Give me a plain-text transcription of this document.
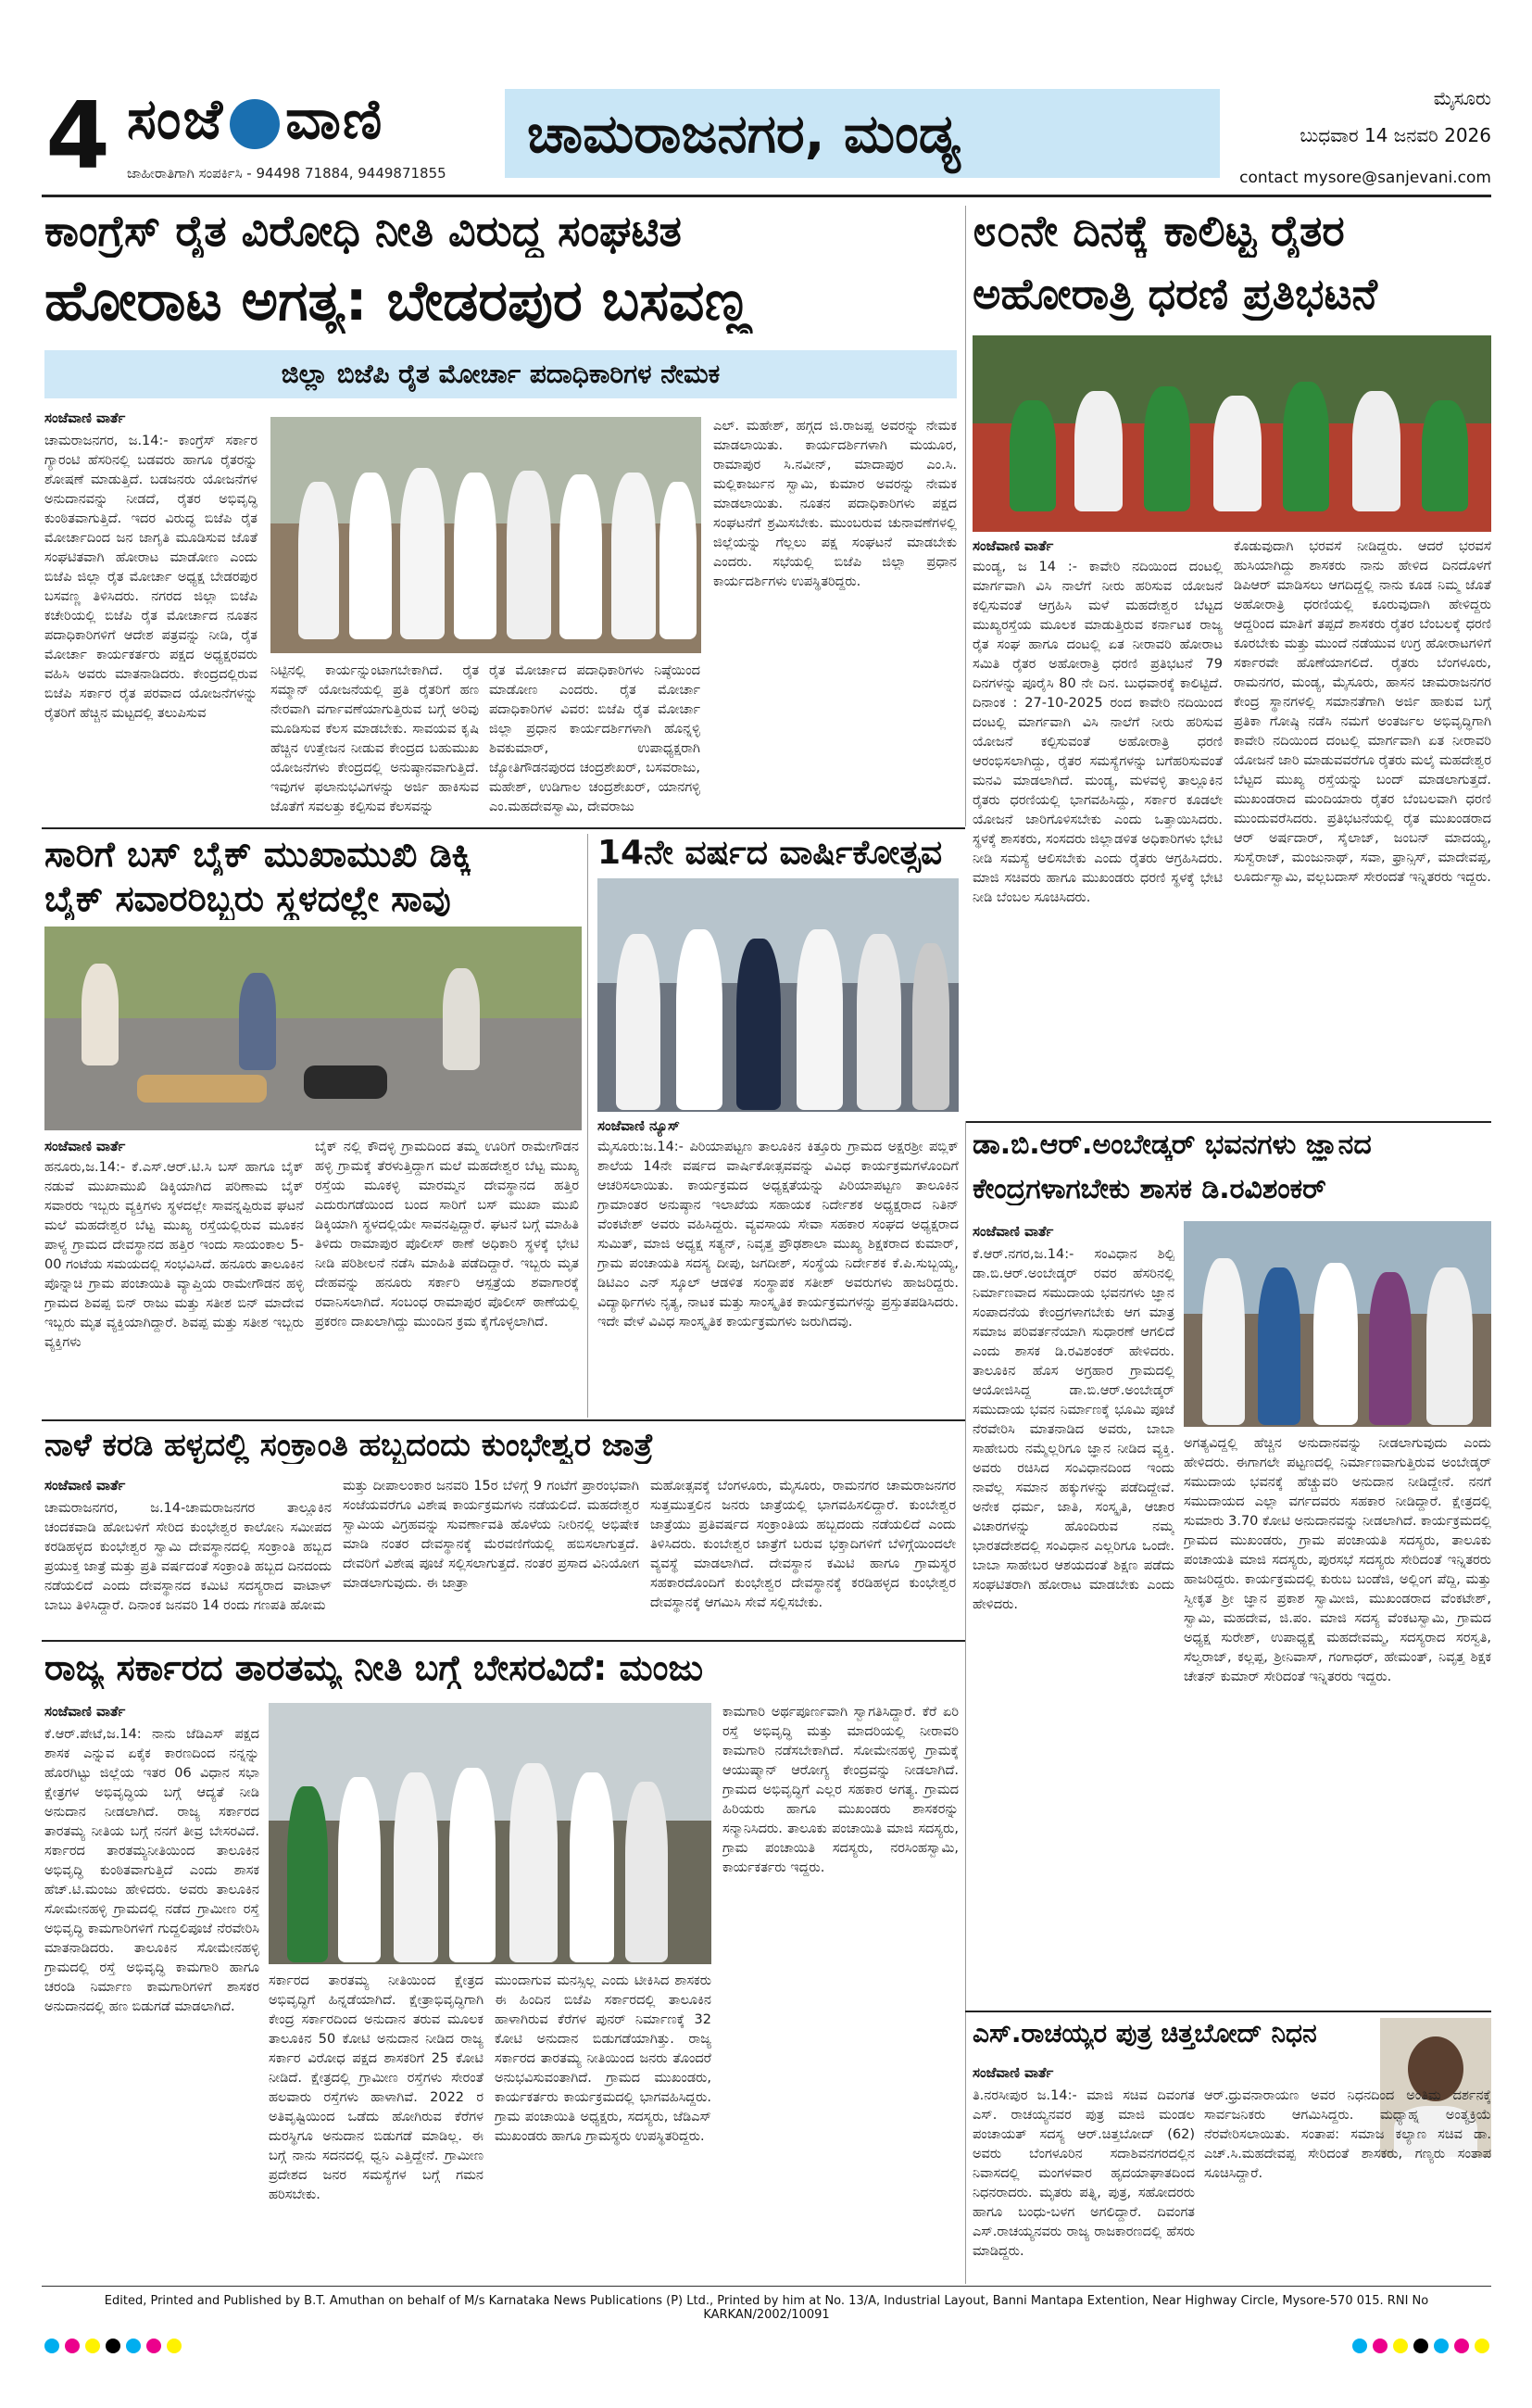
4 ಸಂಜೆ ವಾಣಿ
ಜಾಹೀರಾತಿಗಾಗಿ ಸಂಪರ್ಕಿಸಿ - 94498 71884, 9449871855
ಚಾಮರಾಜನಗರ, ಮಂಡ್ಯ
ಮೈಸೂರು
ಬುಧವಾರ 14 ಜನವರಿ 2026
contact mysore@sanjevani.com
ಕಾಂಗ್ರೆಸ್ ರೈತ ವಿರೋಧಿ ನೀತಿ ವಿರುದ್ಧ ಸಂಘಟಿತ
ಹೋರಾಟ ಅಗತ್ಯ: ಬೇಡರಪುರ ಬಸವಣ್ಣ
ಜಿಲ್ಲಾ ಬಿಜೆಪಿ ರೈತ ಮೋರ್ಚಾ ಪದಾಧಿಕಾರಿಗಳ ನೇಮಕ
ಸಂಜೆವಾಣಿ ವಾರ್ತೆ
ಚಾಮರಾಜನಗರ, ಜ.14:- ಕಾಂಗ್ರೆಸ್ ಸರ್ಕಾರ ಗ್ಯಾರಂಟಿ ಹೆಸರಿನಲ್ಲಿ ಬಡವರು ಹಾಗೂ ರೈತರನ್ನು ಶೋಷಣೆ ಮಾಡುತ್ತಿದೆ. ಬಡಜನರು ಯೋಜನೆಗಳ ಅನುದಾನವನ್ನು ನೀಡದೆ, ರೈತರ ಅಭಿವೃದ್ಧಿ ಕುಂಠಿತವಾಗುತ್ತಿದೆ. ಇದರ ವಿರುದ್ಧ ಬಿಜೆಪಿ ರೈತ ಮೋರ್ಚಾದಿಂದ ಜನ ಜಾಗೃತಿ ಮೂಡಿಸುವ ಜೊತೆ ಸಂಘಟಿತವಾಗಿ ಹೋರಾಟ ಮಾಡೋಣ ಎಂದು ಬಿಜೆಪಿ ಜಿಲ್ಲಾ ರೈತ ಮೋರ್ಚಾ ಅಧ್ಯಕ್ಷ ಬೇಡರಪುರ ಬಸವಣ್ಣ ತಿಳಿಸಿದರು. ನಗರದ ಜಿಲ್ಲಾ ಬಿಜೆಪಿ ಕಚೇರಿಯಲ್ಲಿ ಬಿಜೆಪಿ ರೈತ ಮೋರ್ಚಾದ ನೂತನ ಪದಾಧಿಕಾರಿಗಳಿಗೆ ಆದೇಶ ಪತ್ರವನ್ನು ನೀಡಿ, ರೈತ ಮೋರ್ಚಾ ಕಾರ್ಯಕರ್ತರು ಪಕ್ಷದ ಅಧ್ಯಕ್ಷರವರು ವಹಿಸಿ ಅವರು ಮಾತನಾಡಿದರು. ಕೇಂದ್ರದಲ್ಲಿರುವ ಬಿಜೆಪಿ ಸರ್ಕಾರ ರೈತ ಪರವಾದ ಯೋಜನೆಗಳನ್ನು ರೈತರಿಗೆ ಹೆಚ್ಚಿನ ಮಟ್ಟದಲ್ಲಿ ತಲುಪಿಸುವ
ನಿಟ್ಟಿನಲ್ಲಿ ಕಾರ್ಯನ್ನುಂಟಾಗಬೇಕಾಗಿದೆ. ರೈತ ಸಮ್ಮಾನ್ ಯೋಜನೆಯಲ್ಲಿ ಪ್ರತಿ ರೈತರಿಗೆ ಹಣ ನೇರವಾಗಿ ವರ್ಗಾವಣೆಯಾಗುತ್ತಿರುವ ಬಗ್ಗೆ ಅರಿವು ಮೂಡಿಸುವ ಕೆಲಸ ಮಾಡಬೇಕು. ಸಾವಯವ ಕೃಷಿ ಹೆಚ್ಚಿನ ಉತ್ತೇಜನ ನೀಡುವ ಕೇಂದ್ರದ ಬಹುಮುಖ ಯೋಜನೆಗಳು ಕೇಂದ್ರದಲ್ಲಿ ಅನುಷ್ಠಾನವಾಗುತ್ತಿದೆ. ಇವುಗಳ ಫಲಾನುಭವಿಗಳನ್ನು ಅರ್ಜಿ ಹಾಕಿಸುವ ಜೊತೆಗೆ ಸವಲತ್ತು ಕಲ್ಪಿಸುವ ಕೆಲಸವನ್ನು
ರೈತ ಮೋರ್ಚಾದ ಪದಾಧಿಕಾರಿಗಳು ನಿಷ್ಠೆಯಿಂದ ಮಾಡೋಣ ಎಂದರು. ರೈತ ಮೋರ್ಚಾ ಪದಾಧಿಕಾರಿಗಳ ವಿವರ: ಬಿಜೆಪಿ ರೈತ ಮೋರ್ಚಾ ಜಿಲ್ಲಾ ಪ್ರಧಾನ ಕಾರ್ಯದರ್ಶಿಗಳಾಗಿ ಹೊನ್ನಳ್ಳಿ ಶಿವಕುಮಾರ್, ಉಪಾಧ್ಯಕ್ಷರಾಗಿ ಜ್ಯೋತಿಗೌಡನಪುರದ ಚಂದ್ರಶೇಖರ್, ಬಸವರಾಜು, ಮಹೇಶ್, ಉಡಿಗಾಲ ಚಂದ್ರಶೇಖರ್, ಯಾನಗಳ್ಳಿ ಎಂ.ಮಹದೇವಸ್ವಾಮಿ, ದೇವರಾಜು
ಎಲ್. ಮಹೇಶ್, ಹಗ್ಗದ ಜಿ.ರಾಜಪ್ಪ ಅವರನ್ನು ನೇಮಕ ಮಾಡಲಾಯಿತು. ಕಾರ್ಯದರ್ಶಿಗಳಾಗಿ ಮಯೂರ, ರಾಮಾಪುರ ಸಿ.ನವೀನ್, ಮಾದಾಪುರ ಎಂ.ಸಿ. ಮಲ್ಲಿಕಾರ್ಜುನ ಸ್ವಾಮಿ, ಕುಮಾರ ಅವರನ್ನು ನೇಮಕ ಮಾಡಲಾಯಿತು. ನೂತನ ಪದಾಧಿಕಾರಿಗಳು ಪಕ್ಷದ ಸಂಘಟನೆಗೆ ಶ್ರಮಿಸಬೇಕು. ಮುಂಬರುವ ಚುನಾವಣೆಗಳಲ್ಲಿ ಜಿಲ್ಲೆಯನ್ನು ಗೆಲ್ಲಲು ಪಕ್ಷ ಸಂಘಟನೆ ಮಾಡಬೇಕು ಎಂದರು. ಸಭೆಯಲ್ಲಿ ಬಿಜೆಪಿ ಜಿಲ್ಲಾ ಪ್ರಧಾನ ಕಾರ್ಯದರ್ಶಿಗಳು ಉಪಸ್ಥಿತರಿದ್ದರು.
೮೦ನೇ ದಿನಕ್ಕೆ ಕಾಲಿಟ್ಟ ರೈತರ
ಅಹೋರಾತ್ರಿ ಧರಣಿ ಪ್ರತಿಭಟನೆ
ಸಂಜೆವಾಣಿ ವಾರ್ತೆ
ಮಂಡ್ಯ, ಜ 14 :- ಕಾವೇರಿ ನದಿಯಿಂದ ದಂಟಲ್ಲಿ ಮಾರ್ಗವಾಗಿ ವಿಸಿ ನಾಲೆಗೆ ನೀರು ಹರಿಸುವ ಯೋಜನೆ ಕಲ್ಪಿಸುವಂತೆ ಆಗ್ರಹಿಸಿ ಮಳೆ ಮಹದೇಶ್ವರ ಬೆಟ್ಟದ ಮುಖ್ಯರಸ್ತೆಯ ಮೂಲಕ ಮಾಡುತ್ತಿರುವ ಕರ್ನಾಟಕ ರಾಜ್ಯ ರೈತ ಸಂಘ ಹಾಗೂ ದಂಟಲ್ಲಿ ಏತ ನೀರಾವರಿ ಹೋರಾಟ ಸಮಿತಿ ರೈತರ ಅಹೋರಾತ್ರಿ ಧರಣಿ ಪ್ರತಿಭಟನೆ 79 ದಿನಗಳನ್ನು ಪೂರೈಸಿ 80 ನೇ ದಿನ. ಬುಧವಾರಕ್ಕೆ ಕಾಲಿಟ್ಟಿದೆ. ದಿನಾಂಕ : 27-10-2025 ರಂದ ಕಾವೇರಿ ನದಿಯಿಂದ ದಂಟಲ್ಲಿ ಮಾರ್ಗವಾಗಿ ವಿಸಿ ನಾಲೆಗೆ ನೀರು ಹರಿಸುವ ಯೋಜನೆ ಕಲ್ಪಿಸುವಂತೆ ಅಹೋರಾತ್ರಿ ಧರಣಿ ಆರಂಭಿಸಲಾಗಿದ್ದು, ರೈತರ ಸಮಸ್ಯೆಗಳನ್ನು ಬಗೆಹರಿಸುವಂತೆ ಮನವಿ ಮಾಡಲಾಗಿದೆ. ಮಂಡ್ಯ, ಮಳವಳ್ಳಿ ತಾಲ್ಲೂಕಿನ ರೈತರು ಧರಣಿಯಲ್ಲಿ ಭಾಗವಹಿಸಿದ್ದು, ಸರ್ಕಾರ ಕೂಡಲೇ ಯೋಜನೆ ಜಾರಿಗೊಳಿಸಬೇಕು ಎಂದು ಒತ್ತಾಯಿಸಿದರು. ಸ್ಥಳಕ್ಕೆ ಶಾಸಕರು, ಸಂಸದರು ಜಿಲ್ಲಾಡಳಿತ ಅಧಿಕಾರಿಗಳು ಭೇಟಿ ನೀಡಿ ಸಮಸ್ಯೆ ಆಲಿಸಬೇಕು ಎಂದು ರೈತರು ಆಗ್ರಹಿಸಿದರು. ಮಾಜಿ ಸಚಿವರು ಹಾಗೂ ಮುಖಂಡರು ಧರಣಿ ಸ್ಥಳಕ್ಕೆ ಭೇಟಿ ನೀಡಿ ಬೆಂಬಲ ಸೂಚಿಸಿದರು.
ಕೊಡುವುದಾಗಿ ಭರವಸೆ ನೀಡಿದ್ದರು. ಆದರೆ ಭರವಸೆ ಹುಸಿಯಾಗಿದ್ದು ಶಾಸಕರು ನಾನು ಹೇಳಿದ ದಿನದೊಳಗೆ ಡಿಪಿಆರ್ ಮಾಡಿಸಲು ಆಗದಿದ್ದಲ್ಲಿ ನಾನು ಕೂಡ ನಿಮ್ಮ ಜೊತೆ ಅಹೋರಾತ್ರಿ ಧರಣಿಯಲ್ಲಿ ಕೂರುವುದಾಗಿ ಹೇಳಿದ್ದರು ಆದ್ದರಿಂದ ಮಾತಿಗೆ ತಪ್ಪದೆ ಶಾಸಕರು ರೈತರ ಬೆಂಬಲಕ್ಕೆ ಧರಣಿ ಕೂರಬೇಕು ಮತ್ತು ಮುಂದೆ ನಡೆಯುವ ಉಗ್ರ ಹೋರಾಟಗಳಿಗೆ ಸರ್ಕಾರವೇ ಹೊಣೆಯಾಗಲಿದೆ. ರೈತರು ಬೆಂಗಳೂರು, ರಾಮನಗರ, ಮಂಡ್ಯ, ಮೈಸೂರು, ಹಾಸನ ಚಾಮರಾಜನಗರ ಕೇಂದ್ರ ಸ್ಥಾನಗಳಲ್ಲಿ ಸಮಾನತೆಗಾಗಿ ಅರ್ಜಿ ಹಾಕುವ ಬಗ್ಗೆ ಪ್ರತಿಕಾ ಗೋಷ್ಠಿ ನಡೆಸಿ ನಮಗೆ ಅಂತರ್ಜಲ ಅಭಿವೃದ್ಧಿಗಾಗಿ ಕಾವೇರಿ ನದಿಯಿಂದ ದಂಟಲ್ಲಿ ಮಾರ್ಗವಾಗಿ ಏತ ನೀರಾವರಿ ಯೋಜನೆ ಜಾರಿ ಮಾಡುವವರೆಗೂ ರೈತರು ಮಲೈ ಮಹದೇಶ್ವರ ಬೆಟ್ಟದ ಮುಖ್ಯ ರಸ್ತೆಯನ್ನು ಬಂದ್ ಮಾಡಲಾಗುತ್ತದೆ. ಮುಖಂಡರಾದ ಮಂದಿಯಾರು ರೈತರ ಬೆಂಬಲವಾಗಿ ಧರಣಿ ಮುಂದುವರೆಸಿದರು. ಪ್ರತಿಭಟನೆಯಲ್ಲಿ ರೈತ ಮುಖಂಡರಾದ ಆರ್ ಅರ್ಷದಾರ್, ಸೈಲಾಜ್, ಜಂಬನ್ ಮಾದಯ್ಯ, ಸುಸ್ವೆರಾಜ್, ಮಂಜುನಾಥ್, ಸವಾ, ಫ್ರಾನ್ಸಿಸ್, ಮಾದೇವಪ್ಪ, ಲೂರ್ದುಸ್ವಾಮಿ, ವಲ್ಲಬದಾಸ್ ಸೇರಂದತೆ ಇನ್ನಿತರರು ಇದ್ದರು.
ಸಾರಿಗೆ ಬಸ್ ಬೈಕ್ ಮುಖಾಮುಖಿ ಡಿಕ್ಕಿ
ಬೈಕ್ ಸವಾರರಿಬ್ಬರು ಸ್ಥಳದಲ್ಲೇ ಸಾವು
ಸಂಜೆವಾಣಿ ವಾರ್ತೆ
ಹನೂರು,ಜ.14:- ಕೆ.ಎಸ್.ಆರ್.ಟಿ.ಸಿ ಬಸ್ ಹಾಗೂ ಬೈಕ್ ನಡುವೆ ಮುಖಾಮುಖಿ ಡಿಕ್ಕಿಯಾಗಿದ ಪರಿಣಾಮ ಬೈಕ್ ಸವಾರರು ಇಬ್ಬರು ವ್ಯಕ್ತಿಗಳು ಸ್ಥಳದಲ್ಲೇ ಸಾವನ್ನಪ್ಪಿರುವ ಘಟನೆ ಮಲೆ ಮಹದೇಶ್ವರ ಬೆಟ್ಟ ಮುಖ್ಯ ರಸ್ತೆಯಲ್ಲಿರುವ ಮೂಕನ ಪಾಳ್ಯ ಗ್ರಾಮದ ದೇವಸ್ಥಾನದ ಹತ್ತಿರ ಇಂದು ಸಾಯಂಕಾಲ 5-00 ಗಂಟೆಯ ಸಮಯದಲ್ಲಿ ಸಂಭವಿಸಿದೆ. ಹನೂರು ತಾಲೂಕಿನ ಪೊನ್ನಾಚಿ ಗ್ರಾಮ ಪಂಚಾಯಿತಿ ವ್ಯಾಪ್ತಿಯ ರಾಮೇಗೌಡನ ಹಳ್ಳಿ ಗ್ರಾಮದ ಶಿವಪ್ಪ ಬಿನ್ ರಾಜು ಮತ್ತು ಸತೀಶ ಬಿನ್ ಮಾದೇವ ಇಬ್ಬರು ಮೃತ ವ್ಯಕ್ತಿಯಾಗಿದ್ದಾರೆ. ಶಿವಪ್ಪ ಮತ್ತು ಸತೀಶ ಇಬ್ಬರು ವ್ಯಕ್ತಿಗಳು
ಬೈಕ್ ನಲ್ಲಿ ಕೌದಳ್ಳಿ ಗ್ರಾಮದಿಂದ ತಮ್ಮ ಊರಿಗೆ ರಾಮೇಗೌಡನ ಹಳ್ಳಿ ಗ್ರಾಮಕ್ಕೆ ತೆರಳುತ್ತಿದ್ದಾಗ ಮಲೆ ಮಹದೇಶ್ವರ ಬೆಟ್ಟ ಮುಖ್ಯ ರಸ್ತೆಯ ಮೂಕಳ್ಳಿ ಮಾರಮ್ಮನ ದೇವಸ್ಥಾನದ ಹತ್ತಿರ ಎದುರುಗಡೆಯಿಂದ ಬಂದ ಸಾರಿಗೆ ಬಸ್ ಮುಖಾ ಮುಖಿ ಡಿಕ್ಕಿಯಾಗಿ ಸ್ಥಳದಲ್ಲಿಯೇ ಸಾವನಪ್ಪಿದ್ದಾರೆ. ಘಟನೆ ಬಗ್ಗೆ ಮಾಹಿತಿ ತಿಳಿದು ರಾಮಾಪುರ ಪೊಲೀಸ್ ಠಾಣೆ ಅಧಿಕಾರಿ ಸ್ಥಳಕ್ಕೆ ಭೇಟಿ ನೀಡಿ ಪರಿಶೀಲನೆ ನಡೆಸಿ ಮಾಹಿತಿ ಪಡೆದಿದ್ದಾರೆ. ಇಬ್ಬರು ಮೃತ ದೇಹವನ್ನು ಹನೂರು ಸರ್ಕಾರಿ ಆಸ್ಪತ್ರೆಯ ಶವಾಗಾರಕ್ಕೆ ರವಾನಿಸಲಾಗಿದೆ. ಸಂಬಂಧ ರಾಮಾಪುರ ಪೊಲೀಸ್ ಠಾಣೆಯಲ್ಲಿ ಪ್ರಕರಣ ದಾಖಲಾಗಿದ್ದು ಮುಂದಿನ ಕ್ರಮ ಕೈಗೊಳ್ಳಲಾಗಿದೆ.
14ನೇ ವರ್ಷದ ವಾರ್ಷಿಕೋತ್ಸವ
ಸಂಜೆವಾಣಿ ನ್ಯೂಸ್
ಮೈಸೂರು:ಜ.14:- ಪಿರಿಯಾಪಟ್ಟಣ ತಾಲೂಕಿನ ಕಿತ್ತೂರು ಗ್ರಾಮದ ಅಕ್ಷರಶ್ರೀ ಪಬ್ಲಿಕ್ ಶಾಲೆಯ 14ನೇ ವರ್ಷದ ವಾರ್ಷಿಕೋತ್ಸವವನ್ನು ವಿವಿಧ ಕಾರ್ಯಕ್ರಮಗಳೊಂದಿಗೆ ಆಚರಿಸಲಾಯಿತು. ಕಾರ್ಯಕ್ರಮದ ಅಧ್ಯಕ್ಷತೆಯನ್ನು ಪಿರಿಯಾಪಟ್ಟಣ ತಾಲೂಕಿನ ಗ್ರಾಮಾಂತರ ಅನುಷ್ಠಾನ ಇಲಾಖೆಯ ಸಹಾಯಕ ನಿರ್ದೇಶಕ ಅಧ್ಯಕ್ಷರಾದ ನಿತಿನ್ ವೆಂಕಟೇಶ್ ಅವರು ವಹಿಸಿದ್ದರು. ವ್ಯವಸಾಯ ಸೇವಾ ಸಹಕಾರ ಸಂಘದ ಅಧ್ಯಕ್ಷರಾದ ಸುಮಿತ್, ಮಾಜಿ ಅಧ್ಯಕ್ಷ ಸತ್ಯನ್, ನಿವೃತ್ತ ಪ್ರೌಢಶಾಲಾ ಮುಖ್ಯ ಶಿಕ್ಷಕರಾದ ಕುಮಾರ್, ಗ್ರಾಮ ಪಂಚಾಯತಿ ಸದಸ್ಯ ದೀಪು, ಜಗದೀಶ್, ಸಂಸ್ಥೆಯ ನಿರ್ದೇಶಕ ಕೆ.ಪಿ.ಸುಬ್ಬಯ್ಯ, ಡಿಟಿಎಂ ಎನ್ ಸ್ಕೂಲ್ ಆಡಳಿತ ಸಂಸ್ಥಾಪಕ ಸತೀಶ್ ಅವರುಗಳು ಹಾಜರಿದ್ದರು. ವಿದ್ಯಾರ್ಥಿಗಳು ನೃತ್ಯ, ನಾಟಕ ಮತ್ತು ಸಾಂಸ್ಕೃತಿಕ ಕಾರ್ಯಕ್ರಮಗಳನ್ನು ಪ್ರಸ್ತುತಪಡಿಸಿದರು. ಇದೇ ವೇಳೆ ವಿವಿಧ ಸಾಂಸ್ಕೃತಿಕ ಕಾರ್ಯಕ್ರಮಗಳು ಜರುಗಿದವು.
ಡಾ.ಬಿ.ಆರ್.ಅಂಬೇಡ್ಕರ್ ಭವನಗಳು ಜ್ಞಾನದ
ಕೇಂದ್ರಗಳಾಗಬೇಕು ಶಾಸಕ ಡಿ.ರವಿಶಂಕರ್
ಸಂಜೆವಾಣಿ ವಾರ್ತೆ
ಕೆ.ಆರ್.ನಗರ,ಜ.14:- ಸಂವಿಧಾನ ಶಿಲ್ಪಿ ಡಾ.ಬಿ.ಆರ್.ಅಂಬೇಡ್ಕರ್ ರವರ ಹೆಸರಿನಲ್ಲಿ ನಿರ್ಮಾಣವಾದ ಸಮುದಾಯ ಭವನಗಳು ಜ್ಞಾನ ಸಂಪಾದನೆಯ ಕೇಂದ್ರಗಳಾಗಬೇಕು ಆಗ ಮಾತ್ರ ಸಮಾಜ ಪರಿವರ್ತನೆಯಾಗಿ ಸುಧಾರಣೆ ಆಗಲಿದೆ ಎಂದು ಶಾಸಕ ಡಿ.ರವಿಶಂಕರ್ ಹೇಳಿದರು. ತಾಲೂಕಿನ ಹೊಸ ಅಗ್ರಹಾರ ಗ್ರಾಮದಲ್ಲಿ ಆಯೋಜಿಸಿದ್ದ ಡಾ.ಬಿ.ಆರ್.ಅಂಬೇಡ್ಕರ್ ಸಮುದಾಯ ಭವನ ನಿರ್ಮಾಣಕ್ಕೆ ಭೂಮಿ ಪೂಜೆ ನೆರವೇರಿಸಿ ಮಾತನಾಡಿದ ಅವರು, ಬಾಬಾ ಸಾಹೇಬರು ನಮ್ಮೆಲ್ಲರಿಗೂ ಜ್ಞಾನ ನೀಡಿದ ವ್ಯಕ್ತಿ. ಅವರು ರಚಿಸಿದ ಸಂವಿಧಾನದಿಂದ ಇಂದು ನಾವೆಲ್ಲ ಸಮಾನ ಹಕ್ಕುಗಳನ್ನು ಪಡೆದಿದ್ದೇವೆ. ಅನೇಕ ಧರ್ಮ, ಜಾತಿ, ಸಂಸ್ಕೃತಿ, ಆಚಾರ ವಿಚಾರಗಳನ್ನು ಹೊಂದಿರುವ ನಮ್ಮ ಭಾರತದೇಶದಲ್ಲಿ ಸಂವಿಧಾನ ಎಲ್ಲರಿಗೂ ಒಂದೇ. ಬಾಬಾ ಸಾಹೇಬರ ಆಶಯದಂತೆ ಶಿಕ್ಷಣ ಪಡೆದು ಸಂಘಟಿತರಾಗಿ ಹೋರಾಟ ಮಾಡಬೇಕು ಎಂದು ಹೇಳಿದರು.
ಅಗತ್ಯವಿದ್ದಲ್ಲಿ ಹೆಚ್ಚಿನ ಅನುದಾನವನ್ನು ನೀಡಲಾಗುವುದು ಎಂದು ಹೇಳಿದರು. ಈಗಾಗಲೇ ಪಟ್ಟಣದಲ್ಲಿ ನಿರ್ಮಾಣವಾಗುತ್ತಿರುವ ಅಂಬೇಡ್ಕರ್ ಸಮುದಾಯ ಭವನಕ್ಕೆ ಹೆಚ್ಚುವರಿ ಅನುದಾನ ನೀಡಿದ್ದೇನೆ. ನನಗೆ ಸಮುದಾಯದ ಎಲ್ಲಾ ವರ್ಗದವರು ಸಹಕಾರ ನೀಡಿದ್ದಾರೆ. ಕ್ಷೇತ್ರದಲ್ಲಿ ಸುಮಾರು 3.70 ಕೋಟಿ ಅನುದಾನವನ್ನು ನೀಡಲಾಗಿದೆ. ಕಾರ್ಯಕ್ರಮದಲ್ಲಿ ಗ್ರಾಮದ ಮುಖಂಡರು, ಗ್ರಾಮ ಪಂಚಾಯತಿ ಸದಸ್ಯರು, ತಾಲೂಕು ಪಂಚಾಯತಿ ಮಾಜಿ ಸದಸ್ಯರು, ಪುರಸಭೆ ಸದಸ್ಯರು ಸೇರಿದಂತೆ ಇನ್ನಿತರರು ಹಾಜರಿದ್ದರು. ಕಾರ್ಯಕ್ರಮದಲ್ಲಿ ಕುರುಬ ಬಂಡೆಜಿ, ಅಲ್ಲಿಂಗ ಪೆದ್ದಿ, ಮತ್ತು ಸ್ವೀಕೃತ ಶ್ರೀ ಜ್ಞಾನ ಪ್ರಕಾಶ ಸ್ವಾಮೀಜಿ, ಮುಖಂಡರಾದ ವೆಂಕಟೇಶ್, ಸ್ವಾಮಿ, ಮಹದೇವ, ಜಿ.ಪಂ. ಮಾಜಿ ಸದಸ್ಯ ವೆಂಕಟಸ್ವಾಮಿ, ಗ್ರಾಮದ ಅಧ್ಯಕ್ಷ ಸುರೇಶ್, ಉಪಾಧ್ಯಕ್ಷೆ ಮಹದೇವಮ್ಮ, ಸದಸ್ಯರಾದ ಸರಸ್ವತಿ, ಸೆಲ್ವರಾಜ್, ಕಲ್ಲಪ್ಪ, ಶ್ರೀನಿವಾಸ್, ಗಂಗಾಧರ್, ಹೇಮಂತ್, ನಿವೃತ್ತ ಶಿಕ್ಷಕ ಚೇತನ್ ಕುಮಾರ್ ಸೇರಿದಂತೆ ಇನ್ನಿತರರು ಇದ್ದರು.
ನಾಳೆ ಕರಡಿ ಹಳ್ಳದಲ್ಲಿ ಸಂಕ್ರಾಂತಿ ಹಬ್ಬದಂದು ಕುಂಭೇಶ್ವರ ಜಾತ್ರೆ
ಸಂಜೆವಾಣಿ ವಾರ್ತೆ
ಚಾಮರಾಜನಗರ, ಜ.14-ಚಾಮರಾಜನಗರ ತಾಲ್ಲೂಕಿನ ಚಂದಕವಾಡಿ ಹೋಬಳಿಗೆ ಸೇರಿದ ಕುಂಭೇಶ್ವರ ಕಾಲೋನಿ ಸಮೀಪದ ಕರಡಿಹಳ್ಳದ ಕುಂಭೇಶ್ವರ ಸ್ವಾಮಿ ದೇವಸ್ಥಾನದಲ್ಲಿ ಸಂಕ್ರಾಂತಿ ಹಬ್ಬದ ಪ್ರಯುಕ್ತ ಜಾತ್ರೆ ಮತ್ತು ಪ್ರತಿ ವರ್ಷದಂತೆ ಸಂಕ್ರಾಂತಿ ಹಬ್ಬದ ದಿನದಂದು ನಡೆಯಲಿದೆ ಎಂದು ದೇವಸ್ಥಾನದ ಕಮಿಟಿ ಸದಸ್ಯರಾದ ವಾಟಾಳ್ ಬಾಬು ತಿಳಿಸಿದ್ದಾರೆ. ದಿನಾಂಕ ಜನವರಿ 14 ರಂದು ಗಣಪತಿ ಹೋಮ
ಮತ್ತು ದೀಪಾಲಂಕಾರ ಜನವರಿ 15ರ ಬೆಳಿಗ್ಗೆ 9 ಗಂಟೆಗೆ ಪ್ರಾರಂಭವಾಗಿ ಸಂಜೆಯವರೆಗೂ ವಿಶೇಷ ಕಾರ್ಯಕ್ರಮಗಳು ನಡೆಯಲಿದೆ. ಮಹದೇಶ್ವರ ಸ್ವಾಮಿಯ ವಿಗ್ರಹವನ್ನು ಸುವರ್ಣಾವತಿ ಹೊಳೆಯ ನೀರಿನಲ್ಲಿ ಅಭಿಷೇಕ ಮಾಡಿ ನಂತರ ದೇವಸ್ಥಾನಕ್ಕೆ ಮೆರವಣಿಗೆಯಲ್ಲಿ ಹಬಿಸಲಾಗುತ್ತದೆ. ದೇವರಿಗೆ ವಿಶೇಷ ಪೂಜೆ ಸಲ್ಲಿಸಲಾಗುತ್ತದೆ. ನಂತರ ಪ್ರಸಾದ ವಿನಿಯೋಗ ಮಾಡಲಾಗುವುದು. ಈ ಜಾತ್ರಾ
ಮಹೋತ್ಸವಕ್ಕೆ ಬೆಂಗಳೂರು, ಮೈಸೂರು, ರಾಮನಗರ ಚಾಮರಾಜನಗರ ಸುತ್ತಮುತ್ತಲಿನ ಜನರು ಜಾತ್ರೆಯಲ್ಲಿ ಭಾಗವಹಿಸಲಿದ್ದಾರೆ. ಕುಂಬೇಶ್ವರ ಜಾತ್ರೆಯು ಪ್ರತಿವರ್ಷದ ಸಂಕ್ರಾಂತಿಯ ಹಬ್ಬದಂದು ನಡೆಯಲಿದೆ ಎಂದು ತಿಳಿಸಿದರು. ಕುಂಬೇಶ್ವರ ಜಾತ್ರೆಗೆ ಬರುವ ಭಕ್ತಾದಿಗಳಿಗೆ ಬೆಳಿಗ್ಗೆಯಿಂದಲೇ ವ್ಯವಸ್ಥೆ ಮಾಡಲಾಗಿದೆ. ದೇವಸ್ಥಾನ ಕಮಿಟಿ ಹಾಗೂ ಗ್ರಾಮಸ್ಥರ ಸಹಕಾರದೊಂದಿಗೆ ಕುಂಭೇಶ್ವರ ದೇವಸ್ಥಾನಕ್ಕೆ ಕರಡಿಹಳ್ಳದ ಕುಂಭೇಶ್ವರ ದೇವಸ್ಥಾನಕ್ಕೆ ಆಗಮಿಸಿ ಸೇವೆ ಸಲ್ಲಿಸಬೇಕು.
ರಾಜ್ಯ ಸರ್ಕಾರದ ತಾರತಮ್ಯ ನೀತಿ ಬಗ್ಗೆ ಬೇಸರವಿದೆ: ಮಂಜು
ಸಂಜೆವಾಣಿ ವಾರ್ತೆ
ಕೆ.ಆರ್.ಪೇಟೆ,ಜ.14: ನಾನು ಜೆಡಿಎಸ್ ಪಕ್ಷದ ಶಾಸಕ ಎನ್ನುವ ಏಕೈಕ ಕಾರಣದಿಂದ ನನ್ನನ್ನು ಹೊರಗಿಟ್ಟು ಜಿಲ್ಲೆಯ ಇತರ 06 ವಿಧಾನ ಸಭಾ ಕ್ಷೇತ್ರಗಳ ಅಭಿವೃದ್ಧಿಯ ಬಗ್ಗೆ ಆದ್ಯತೆ ನೀಡಿ ಅನುದಾನ ನೀಡಲಾಗಿದೆ. ರಾಜ್ಯ ಸರ್ಕಾರದ ತಾರತಮ್ಯ ನೀತಿಯ ಬಗ್ಗೆ ನನಗೆ ತೀವ್ರ ಬೇಸರವಿದೆ. ಸರ್ಕಾರದ ತಾರತಮ್ಯನೀತಿಯಿಂದ ತಾಲೂಕಿನ ಅಭಿವೃದ್ಧಿ ಕುಂಠಿತವಾಗುತ್ತಿದೆ ಎಂದು ಶಾಸಕ ಹೆಚ್.ಟಿ.ಮಂಜು ಹೇಳಿದರು. ಅವರು ತಾಲೂಕಿನ ಸೋಮೇನಹಳ್ಳಿ ಗ್ರಾಮದಲ್ಲಿ ನಡೆದ ಗ್ರಾಮೀಣ ರಸ್ತೆ ಅಭಿವೃದ್ಧಿ ಕಾಮಗಾರಿಗಳಿಗೆ ಗುದ್ದಲಿಪೂಜೆ ನೆರವೇರಿಸಿ ಮಾತನಾಡಿದರು. ತಾಲೂಕಿನ ಸೋಮೇನಹಳ್ಳಿ ಗ್ರಾಮದಲ್ಲಿ ರಸ್ತೆ ಅಭಿವೃದ್ಧಿ ಕಾಮಗಾರಿ ಹಾಗೂ ಚರಂಡಿ ನಿರ್ಮಾಣ ಕಾಮಗಾರಿಗಳಿಗೆ ಶಾಸಕರ ಅನುದಾನದಲ್ಲಿ ಹಣ ಬಿಡುಗಡೆ ಮಾಡಲಾಗಿದೆ.
ಸರ್ಕಾರದ ತಾರತಮ್ಯ ನೀತಿಯಿಂದ ಕ್ಷೇತ್ರದ ಅಭಿವೃದ್ಧಿಗೆ ಹಿನ್ನಡೆಯಾಗಿದೆ. ಕ್ಷೇತ್ರಾಭಿವೃದ್ಧಿಗಾಗಿ ಕೇಂದ್ರ ಸರ್ಕಾರದಿಂದ ಅನುದಾನ ತರುವ ಮೂಲಕ ತಾಲೂಕಿನ 50 ಕೋಟಿ ಅನುದಾನ ನೀಡಿದ ರಾಜ್ಯ ಸರ್ಕಾರ ವಿರೋಧ ಪಕ್ಷದ ಶಾಸಕರಿಗೆ 25 ಕೋಟಿ ನೀಡಿದೆ. ಕ್ಷೇತ್ರದಲ್ಲಿ ಗ್ರಾಮೀಣ ರಸ್ತೆಗಳು ಸೇರಂತೆ ಹಲವಾರು ರಸ್ತೆಗಳು ಹಾಳಾಗಿವೆ. 2022 ರ ಅತಿವೃಷ್ಟಿಯಿಂದ ಒಡೆದು ಹೋಗಿರುವ ಕೆರೆಗಳ ದುರಸ್ಥಿಗೂ ಅನುದಾನ ಬಿಡುಗಡೆ ಮಾಡಿಲ್ಲ. ಈ ಬಗ್ಗೆ ನಾನು ಸದನದಲ್ಲಿ ಧ್ವನಿ ಎತ್ತಿದ್ದೇನೆ. ಗ್ರಾಮೀಣ ಪ್ರದೇಶದ ಜನರ ಸಮಸ್ಯೆಗಳ ಬಗ್ಗೆ ಗಮನ ಹರಿಸಬೇಕು.
ಮುಂದಾಗುವ ಮನಸ್ಸಿಲ್ಲ ಎಂದು ಟೀಕಿಸಿದ ಶಾಸಕರು ಈ ಹಿಂದಿನ ಬಿಜೆಪಿ ಸರ್ಕಾರದಲ್ಲಿ ತಾಲೂಕಿನ ಹಾಳಾಗಿರುವ ಕೆರೆಗಳ ಪುನರ್ ನಿರ್ಮಾಣಕ್ಕೆ 32 ಕೋಟಿ ಅನುದಾನ ಬಿಡುಗಡೆಯಾಗಿತ್ತು. ರಾಜ್ಯ ಸರ್ಕಾರದ ತಾರತಮ್ಯ ನೀತಿಯಿಂದ ಜನರು ತೊಂದರೆ ಅನುಭವಿಸುವಂತಾಗಿದೆ. ಗ್ರಾಮದ ಮುಖಂಡರು, ಕಾರ್ಯಕರ್ತರು ಕಾರ್ಯಕ್ರಮದಲ್ಲಿ ಭಾಗವಹಿಸಿದ್ದರು. ಗ್ರಾಮ ಪಂಚಾಯಿತಿ ಅಧ್ಯಕ್ಷರು, ಸದಸ್ಯರು, ಜೆಡಿಎಸ್ ಮುಖಂಡರು ಹಾಗೂ ಗ್ರಾಮಸ್ಥರು ಉಪಸ್ಥಿತರಿದ್ದರು.
ಕಾಮಗಾರಿ ಅರ್ಥಪೂರ್ಣವಾಗಿ ಸ್ವಾಗತಿಸಿದ್ದಾರೆ. ಕೆರೆ ಏರಿ ರಸ್ತೆ ಅಭಿವೃದ್ಧಿ ಮತ್ತು ಮಾದರಿಯಲ್ಲಿ ನೀರಾವರಿ ಕಾಮಗಾರಿ ನಡೆಸಬೇಕಾಗಿದೆ. ಸೋಮೇನಹಳ್ಳಿ ಗ್ರಾಮಕ್ಕೆ ಆಯುಷ್ಮಾನ್ ಆರೋಗ್ಯ ಕೇಂದ್ರವನ್ನು ನೀಡಲಾಗಿದೆ. ಗ್ರಾಮದ ಅಭಿವೃದ್ಧಿಗೆ ಎಲ್ಲರ ಸಹಕಾರ ಅಗತ್ಯ. ಗ್ರಾಮದ ಹಿರಿಯರು ಹಾಗೂ ಮುಖಂಡರು ಶಾಸಕರನ್ನು ಸನ್ಮಾನಿಸಿದರು. ತಾಲೂಕು ಪಂಚಾಯಿತಿ ಮಾಜಿ ಸದಸ್ಯರು, ಗ್ರಾಮ ಪಂಚಾಯಿತಿ ಸದಸ್ಯರು, ನರಸಿಂಹಸ್ವಾಮಿ, ಕಾರ್ಯಕರ್ತರು ಇದ್ದರು.
ಎಸ್.ರಾಚಯ್ಯರ ಪುತ್ರ ಚಿತ್ತಬೋದ್ ನಿಧನ
ಸಂಜೆವಾಣಿ ವಾರ್ತೆ
ತಿ.ನರಸೀಪುರ ಜ.14:- ಮಾಜಿ ಸಚಿವ ದಿವಂಗತ ಎಸ್. ರಾಚಯ್ಯನವರ ಪುತ್ರ ಮಾಜಿ ಮಂಡಲ ಪಂಚಾಯತ್ ಸದಸ್ಯ ಆರ್.ಚಿತ್ತಬೋದ್ (62) ಅವರು ಬೆಂಗಳೂರಿನ ಸದಾಶಿವನಗರದಲ್ಲಿನ ನಿವಾಸದಲ್ಲಿ ಮಂಗಳವಾರ ಹೃದಯಾಘಾತದಿಂದ ನಿಧನರಾದರು. ಮೃತರು ಪತ್ನಿ, ಪುತ್ರ, ಸಹೋದರರು ಹಾಗೂ ಬಂಧು-ಬಳಗ ಅಗಲಿದ್ದಾರೆ. ದಿವಂಗತ ಎಸ್.ರಾಚಯ್ಯನವರು ರಾಜ್ಯ ರಾಜಕಾರಣದಲ್ಲಿ ಹೆಸರು ಮಾಡಿದ್ದರು.
ಆರ್.ಧ್ರುವನಾರಾಯಣ ಅವರ ನಿಧನದಿಂದ ಅಂತಿಮ ದರ್ಶನಕ್ಕೆ ಸಾರ್ವಜನಿಕರು ಆಗಮಿಸಿದ್ದರು. ಮಧ್ಯಾಹ್ನ ಅಂತ್ಯಕ್ರಿಯೆ ನೆರವೇರಿಸಲಾಯಿತು. ಸಂತಾಪ: ಸಮಾಜ ಕಲ್ಯಾಣ ಸಚಿವ ಡಾ. ಎಚ್.ಸಿ.ಮಹದೇವಪ್ಪ ಸೇರಿದಂತೆ ಶಾಸಕರು, ಗಣ್ಯರು ಸಂತಾಪ ಸೂಚಿಸಿದ್ದಾರೆ.
Edited, Printed and Published by B.T. Amuthan on behalf of M/s Karnataka News Publications (P) Ltd., Printed by him at No. 13/A, Industrial Layout, Banni Mantapa Extention, Near Highway Circle, Mysore-570 015. RNI No KARKAN/2002/10091
